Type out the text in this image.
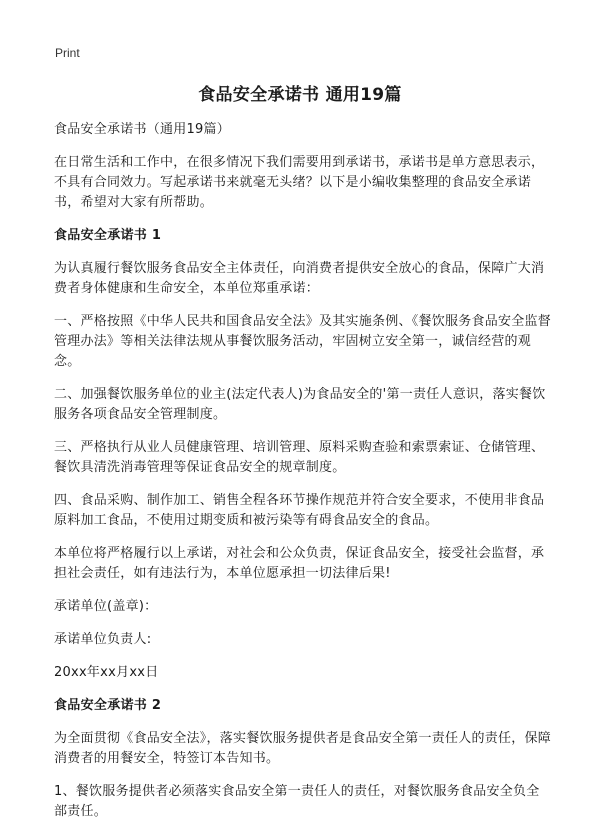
Print
食品安全承诺书 通用19篇

食品安全承诺书（通用19篇）

在日常生活和工作中，在很多情况下我们需要用到承诺书，承诺书是单方意思表示，不具有合同效力。写起承诺书来就毫无头绪？以下是小编收集整理的食品安全承诺书，希望对大家有所帮助。

食品安全承诺书 1

为认真履行餐饮服务食品安全主体责任，向消费者提供安全放心的食品，保障广大消费者身体健康和生命安全，本单位郑重承诺：

一、严格按照《中华人民共和国食品安全法》及其实施条例、《餐饮服务食品安全监督管理办法》等相关法律法规从事餐饮服务活动，牢固树立安全第一，诚信经营的观念。

二、加强餐饮服务单位的业主(法定代表人)为食品安全的'第一责任人意识，落实餐饮服务各项食品安全管理制度。

三、严格执行从业人员健康管理、培训管理、原料采购查验和索票索证、仓储管理、餐饮具清洗消毒管理等保证食品安全的规章制度。

四、食品采购、制作加工、销售全程各环节操作规范并符合安全要求，不使用非食品原料加工食品，不使用过期变质和被污染等有碍食品安全的食品。

本单位将严格履行以上承诺，对社会和公众负责，保证食品安全，接受社会监督，承担社会责任，如有违法行为，本单位愿承担一切法律后果!

承诺单位(盖章)：

承诺单位负责人:

20xx年xx月xx日

食品安全承诺书 2

为全面贯彻《食品安全法》，落实餐饮服务提供者是食品安全第一责任人的责任，保障消费者的用餐安全，特签订本告知书。

1、餐饮服务提供者必须落实食品安全第一责任人的责任，对餐饮服务食品安全负全部责任。
